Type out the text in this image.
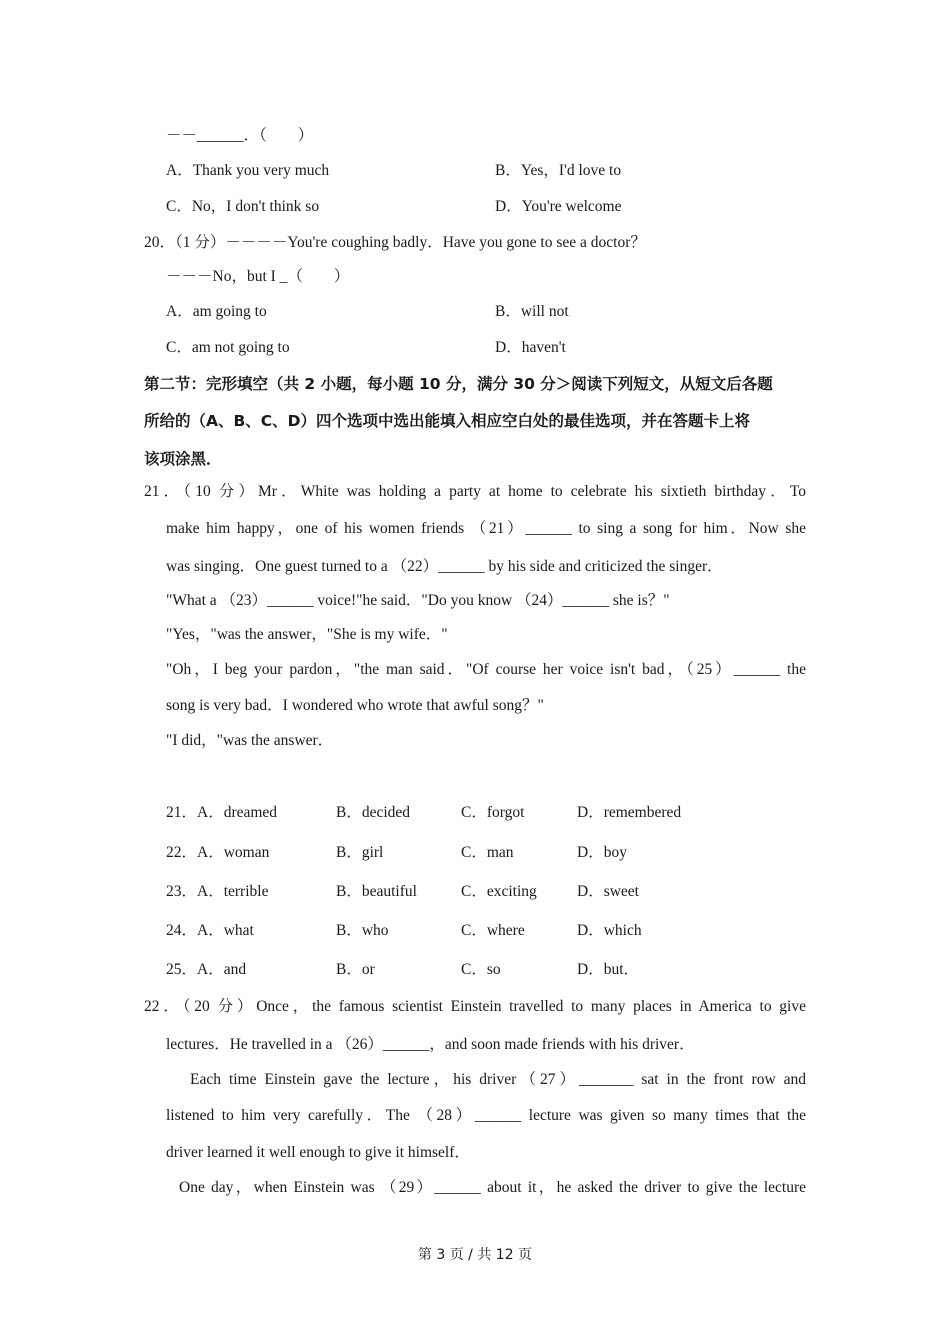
－－______．（　　）
A．Thank you very much	B．Yes，I'd love to
C．No，I don't think so	D．You're welcome
20．（1 分）－－－－You're coughing badly．Have you gone to see a doctor？
－－－No，but I _（　　）
A．am going to	B．will not
C．am not going to	D．haven't
第二节：完形填空（共 2 小题，每小题 10 分，满分 30 分＞阅读下列短文，从短文后各题
所给的（A、B、C、D）四个选项中选出能填入相应空白处的最佳选项，并在答题卡上将
该项涂黑．
21．（10 分）Mr．White was holding a party at home to celebrate his sixtieth birthday．To
make him happy，one of his women friends （21）______ to sing a song for him．Now she
was singing．One guest turned to a （22）______ by his side and criticized the singer．
"What a （23）______ voice!"he said．"Do you know （24）______ she is？"
"Yes，"was the answer，"She is my wife．"
"Oh，I beg your pardon，"the man said．"Of course her voice isn't bad，（25）______ the
song is very bad．I wondered who wrote that awful song？"
"I did，"was the answer．
21．A．dreamed	B．decided	C．forgot	D．remembered
22．A．woman	B．girl	C．man	D．boy
23．A．terrible	B．beautiful	C．exciting	D．sweet
24．A．what	B．who	C．where	D．which
25．A．and	B．or	C．so	D．but．
22．（20 分）Once，the famous scientist Einstein travelled to many places in America to give
lectures．He travelled in a （26）______，and soon made friends with his driver．
Each time Einstein gave the lecture，his driver（27）_______ sat in the front row and
listened to him very carefully．The （28）______ lecture was given so many times that the
driver learned it well enough to give it himself．
One day，when Einstein was （29）______ about it，he asked the driver to give the lecture
第 3 页 / 共 12 页
